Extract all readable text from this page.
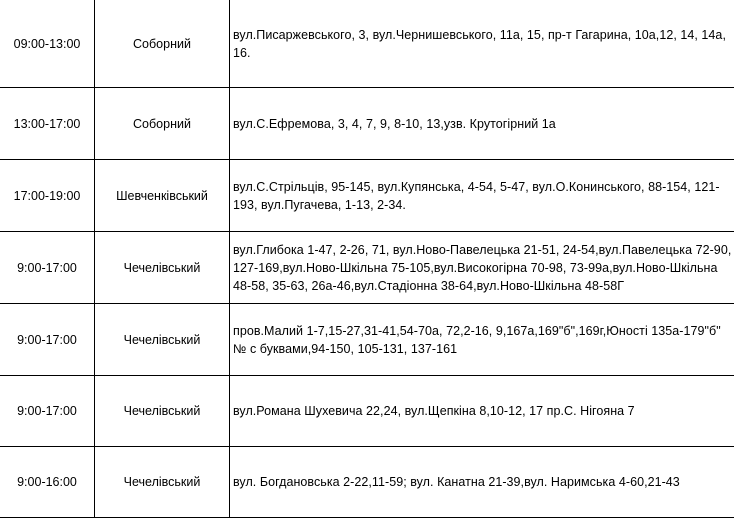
09:00-13:00	Соборний	вул.Писаржевського, 3, вул.Чернишевського, 11а, 15, пр-т Гагарина, 10а,12, 14, 14а, 16.
13:00-17:00	Соборний	вул.С.Ефремова, 3, 4, 7, 9, 8-10, 13,узв. Крутогірний 1а
17:00-19:00	Шевченківський	вул.С.Стрільців, 95-145, вул.Купянська, 4-54, 5-47, вул.О.Конинського, 88-154, 121-193, вул.Пугачева, 1-13, 2-34.
9:00-17:00	Чечелівський	вул.Глибока 1-47, 2-26, 71, вул.Ново-Павелецька 21-51, 24-54,вул.Павелецька 72-90, 127-169,вул.Ново-Шкільна 75-105,вул.Високогірна 70-98, 73-99а,вул.Ново-Шкільна 48-58, 35-63, 26а-46,вул.Стадіонна 38-64,вул.Ново-Шкільна 48-58Г
9:00-17:00	Чечелівський	пров.Малий 1-7,15-27,31-41,54-70а, 72,2-16, 9,167а,169"б",169г,Юності 135а-179"б" № с буквами,94-150, 105-131, 137-161
9:00-17:00	Чечелівський	вул.Романа Шухевича 22,24, вул.Щепкіна 8,10-12, 17 пр.С. Нігояна 7
9:00-16:00	Чечелівський	вул. Богдановська 2-22,11-59; вул. Канатна 21-39,вул. Наримська 4-60,21-43
